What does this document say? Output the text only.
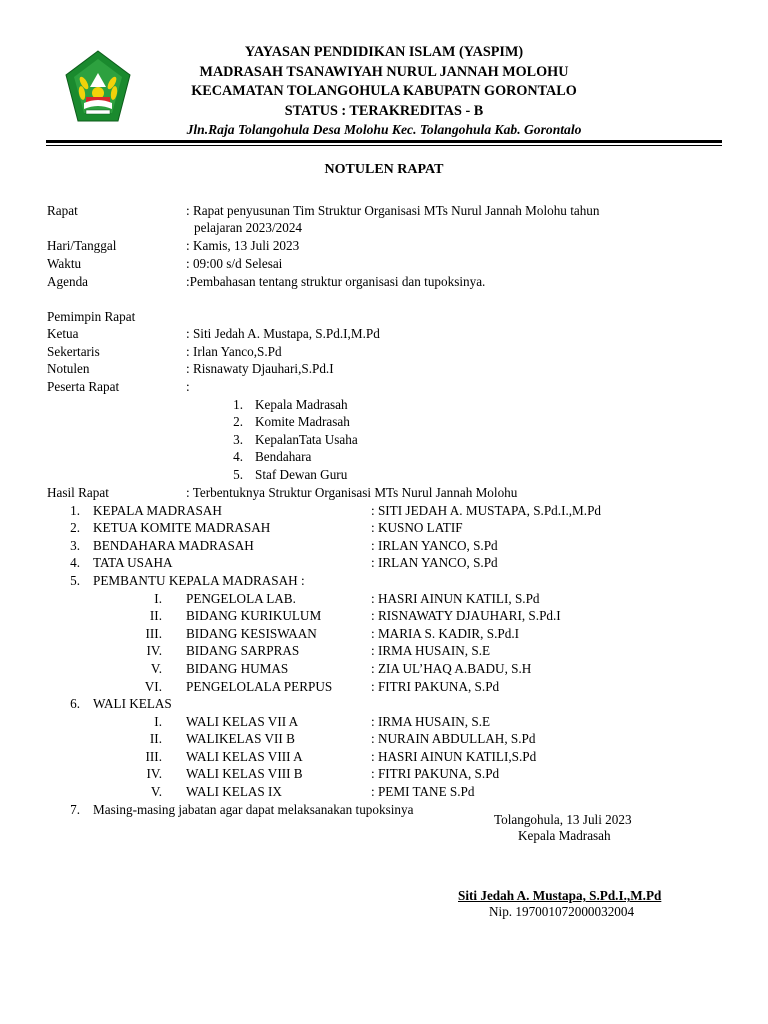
YAYASAN PENDIDIKAN ISLAM (YASPIM)
MADRASAH TSANAWIYAH NURUL JANNAH MOLOHU
KECAMATAN TOLANGOHULA KABUPATN GORONTALO
STATUS : TERAKREDITAS - B
Jln.Raja Tolangohula Desa Molohu Kec. Tolangohula Kab. Gorontalo
NOTULEN RAPAT
Rapat	: Rapat penyusunan Tim Struktur Organisasi MTs Nurul Jannah Molohu tahun
pelajaran 2023/2024
Hari/Tanggal	: Kamis, 13 Juli 2023
Waktu	: 09:00 s/d Selesai
Agenda	:Pembahasan tentang struktur organisasi dan tupoksinya.
Pemimpin Rapat
Ketua	: Siti Jedah A. Mustapa, S.Pd.I,M.Pd
Sekertaris	: Irlan Yanco,S.Pd
Notulen	: Risnawaty Djauhari,S.Pd.I
Peserta Rapat	:
1. Kepala Madrasah
2. Komite Madrasah
3. KepalanTata Usaha
4. Bendahara
5. Staf Dewan Guru
Hasil Rapat	: Terbentuknya Struktur Organisasi MTs Nurul Jannah Molohu
1. KEPALA MADRASAH	: SITI JEDAH A. MUSTAPA, S.Pd.I.,M.Pd
2. KETUA KOMITE MADRASAH	: KUSNO LATIF
3. BENDAHARA MADRASAH	: IRLAN YANCO, S.Pd
4. TATA USAHA	: IRLAN YANCO, S.Pd
5. PEMBANTU KEPALA MADRASAH :
I. PENGELOLA LAB.	: HASRI AINUN KATILI, S.Pd
II. BIDANG KURIKULUM	: RISNAWATY DJAUHARI, S.Pd.I
III. BIDANG KESISWAAN	: MARIA S. KADIR, S.Pd.I
IV. BIDANG SARPRAS	: IRMA HUSAIN, S.E
V. BIDANG HUMAS	: ZIA UL’HAQ A.BADU, S.H
VI. PENGELOLALA PERPUS	: FITRI PAKUNA, S.Pd
6. WALI KELAS
I. WALI KELAS VII A	: IRMA HUSAIN, S.E
II. WALIKELAS VII B	: NURAIN ABDULLAH, S.Pd
III. WALI KELAS VIII A	: HASRI AINUN KATILI,S.Pd
IV. WALI KELAS VIII B	: FITRI PAKUNA, S.Pd
V. WALI KELAS IX	: PEMI TANE S.Pd
7. Masing-masing jabatan agar dapat melaksanakan tupoksinya
Tolangohula, 13 Juli 2023
Kepala Madrasah
Siti Jedah A. Mustapa, S.Pd.I.,M.Pd
Nip. 197001072000032004
